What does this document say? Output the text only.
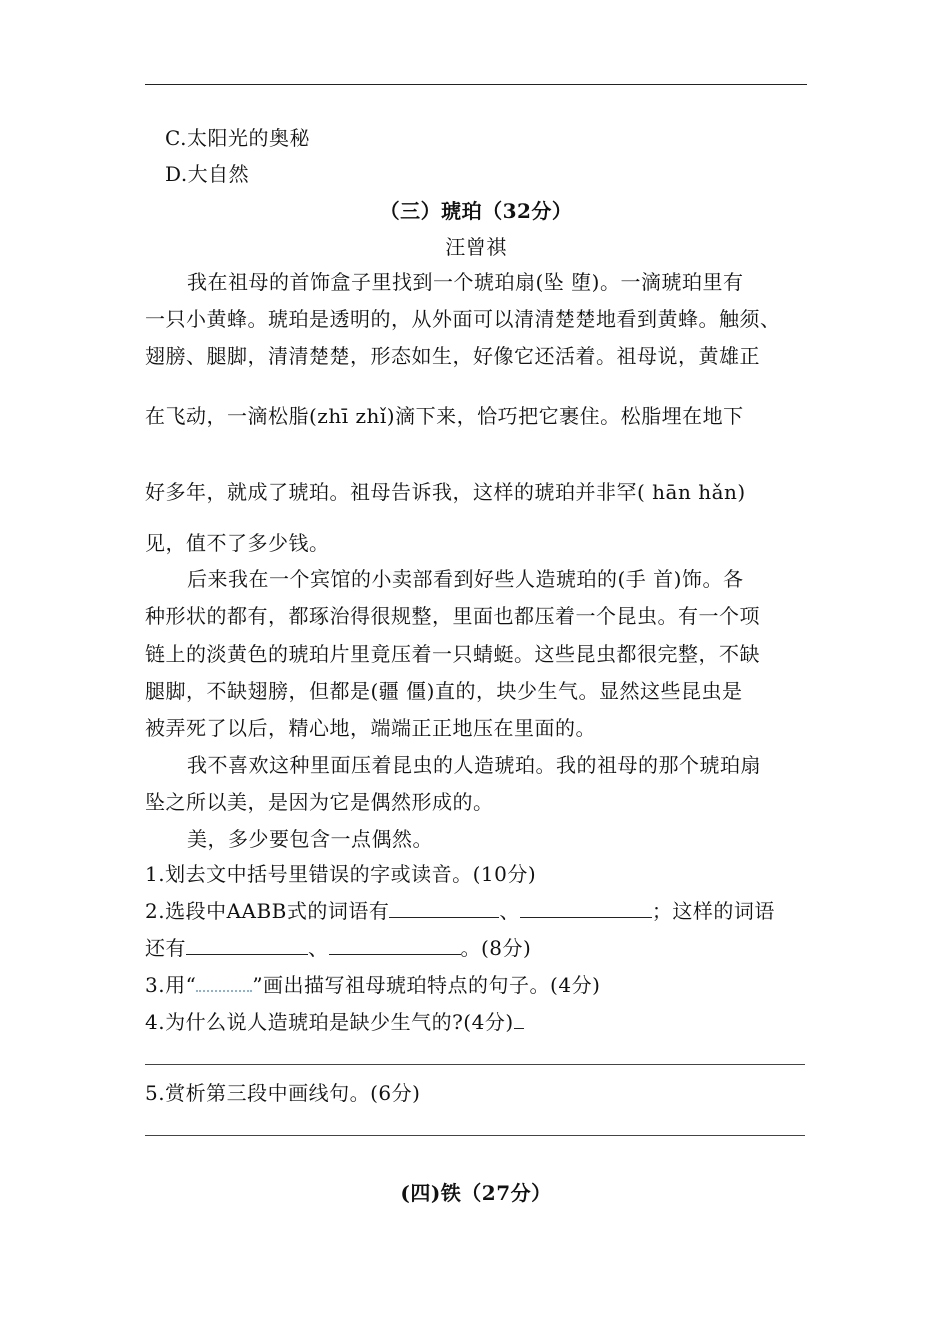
C.太阳光的奥秘
D.大自然
（三）琥珀（32分）
汪曾祺
我在祖母的首饰盒子里找到一个琥珀扇(坠 堕)。一滴琥珀里有
一只小黄蜂。琥珀是透明的，从外面可以清清楚楚地看到黄蜂。触须、
翅膀、腿脚，清清楚楚，形态如生，好像它还活着。祖母说，黄雄正
在飞动，一滴松脂(zhī zhǐ)滴下来，恰巧把它裹住。松脂埋在地下
好多年，就成了琥珀。祖母告诉我，这样的琥珀并非罕( hān hǎn)
见，值不了多少钱。
后来我在一个宾馆的小卖部看到好些人造琥珀的(手 首)饰。各
种形状的都有，都琢治得很规整，里面也都压着一个昆虫。有一个项
链上的淡黄色的琥珀片里竟压着一只蜻蜓。这些昆虫都很完整，不缺
腿脚，不缺翅膀，但都是(疆 僵)直的，块少生气。显然这些昆虫是
被弄死了以后，精心地，端端正正地压在里面的。
我不喜欢这种里面压着昆虫的人造琥珀。我的祖母的那个琥珀扇
坠之所以美，是因为它是偶然形成的。
美，多少要包含一点偶然。
1.划去文中括号里错误的字或读音。(10分)
2.选段中AABB式的词语有	、	；这样的词语
还有	、	。(8分)
3.用“	”画出描写祖母琥珀特点的句子。(4分)
4.为什么说人造琥珀是缺少生气的?(4分)
5.赏析第三段中画线句。(6分)
(四)铁（27分）
